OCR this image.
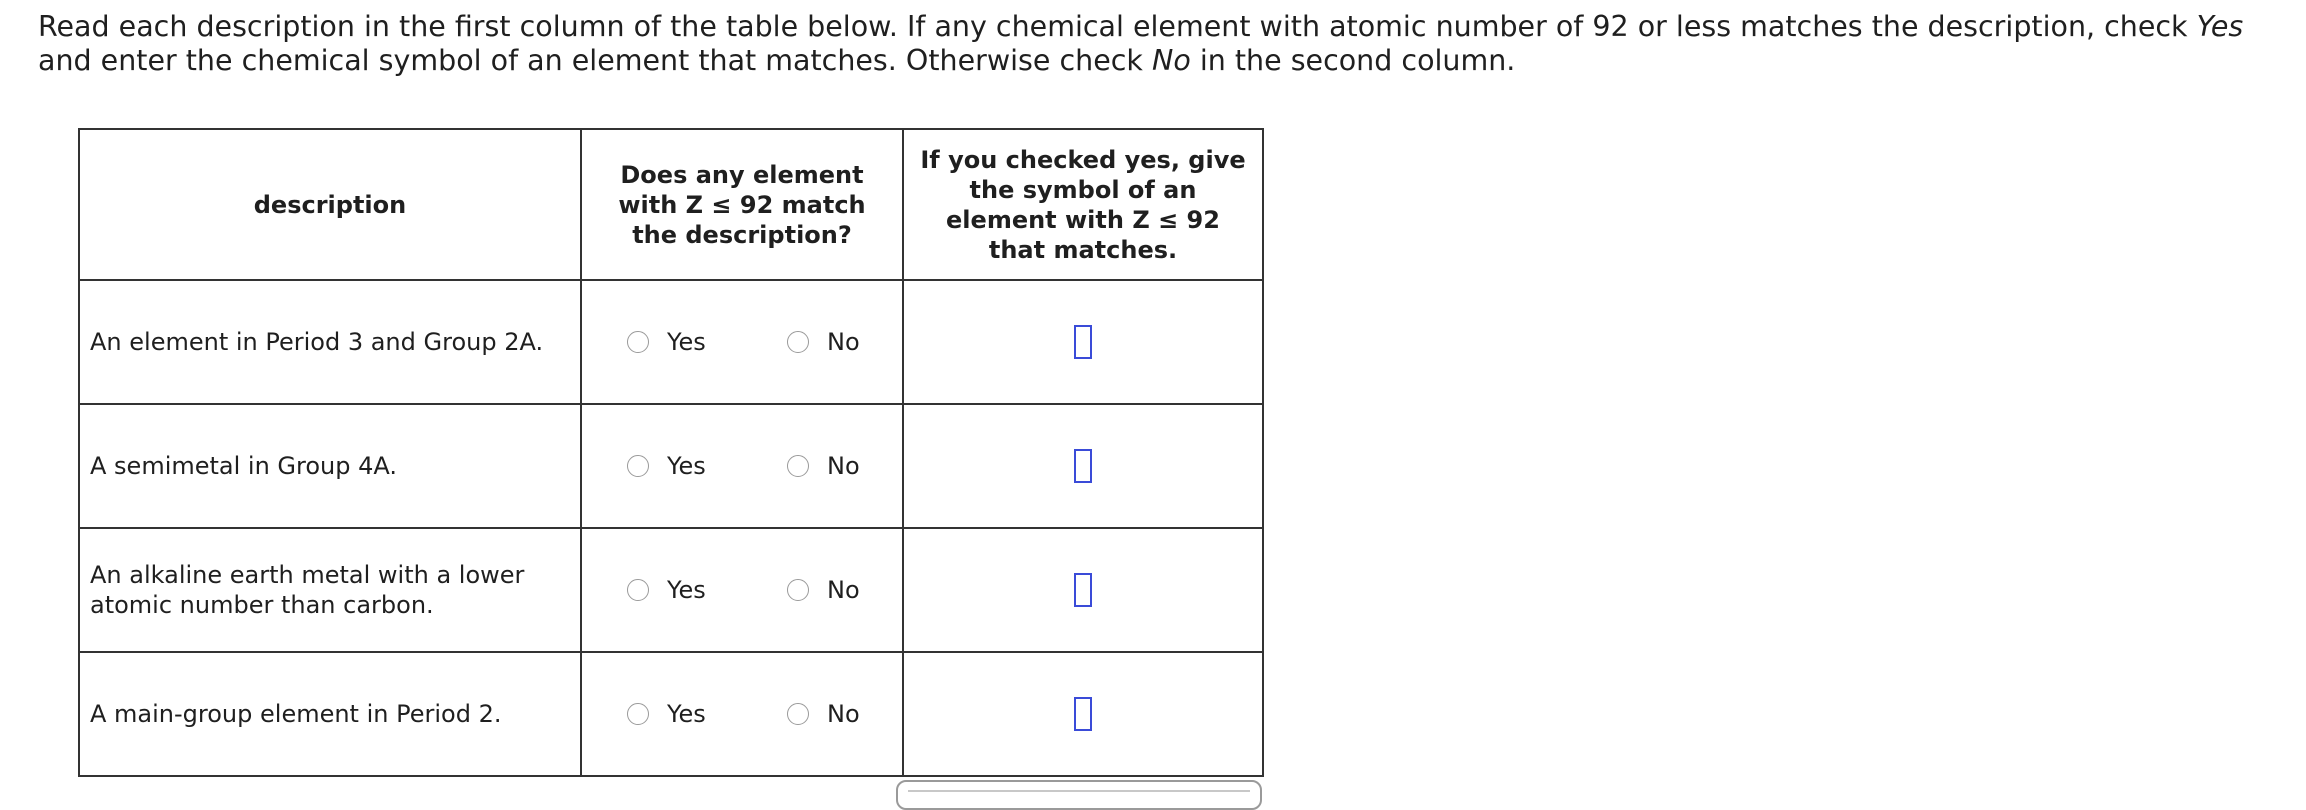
Read each description in the first column of the table below. If any chemical element with atomic number of 92 or less matches the description, check Yes and enter the chemical symbol of an element that matches. Otherwise check No in the second column.
description	Does any element with Z ≤ 92 match the description?	If you checked yes, give the symbol of an element with Z ≤ 92 that matches.
An element in Period 3 and Group 2A.	Yes No	

A semimetal in Group 4A.	Yes No	

An alkaline earth metal with a lower atomic number than carbon.	Yes No	

A main-group element in Period 2.	Yes No	
